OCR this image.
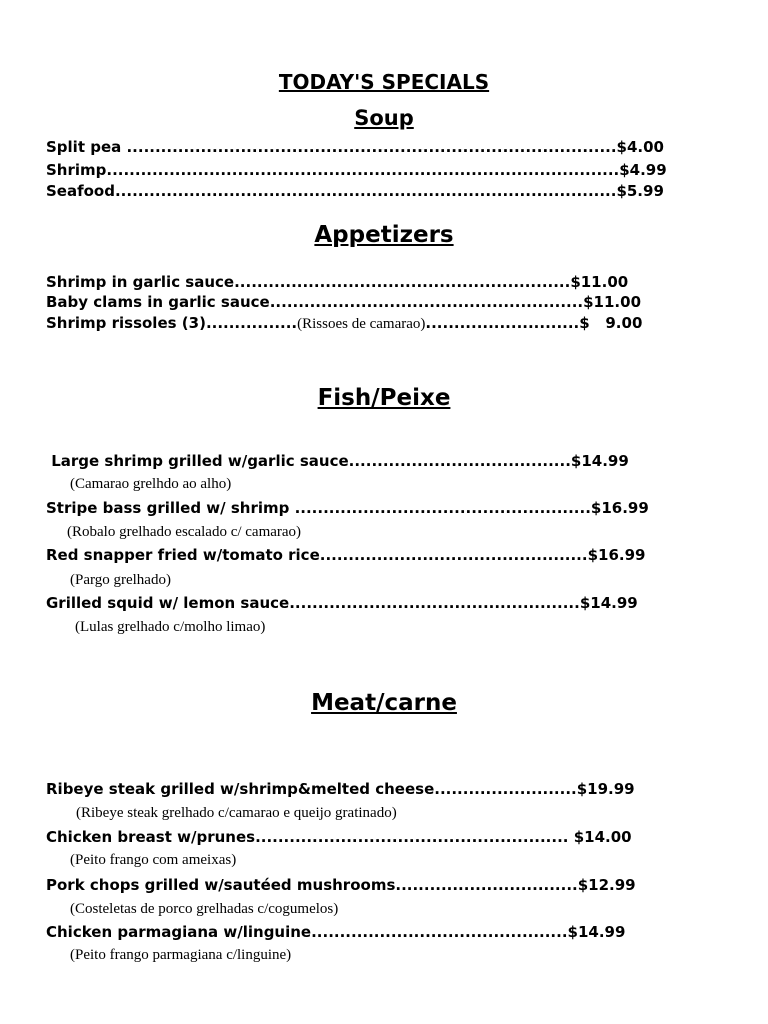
TODAY'S SPECIALS
Soup
Split pea ......................................................................................$4.00
Shrimp..........................................................................................$4.99
Seafood........................................................................................$5.99
Appetizers
Shrimp in garlic sauce...........................................................$11.00
Baby clams in garlic sauce.......................................................$11.00
Shrimp rissoles (3)................(Rissoes de camarao)...........................$   9.00
Fish/Peixe
Large shrimp grilled w/garlic sauce.......................................$14.99
(Camarao grelhdo ao alho)
Stripe bass grilled w/ shrimp ....................................................$16.99
(Robalo grelhado escalado c/ camarao)
Red snapper fried w/tomato rice...............................................$16.99
(Pargo grelhado)
Grilled squid w/ lemon sauce...................................................$14.99
(Lulas grelhado c/molho limao)
Meat/carne
Ribeye steak grilled w/shrimp&melted cheese.........................$19.99
(Ribeye steak grelhado c/camarao e queijo gratinado)
Chicken breast w/prunes....................................................... $14.00
(Peito frango com ameixas)
Pork chops grilled w/sautéed mushrooms................................$12.99
(Costeletas de porco grelhadas c/cogumelos)
Chicken parmagiana w/linguine.............................................$14.99
(Peito frango parmagiana c/linguine)
